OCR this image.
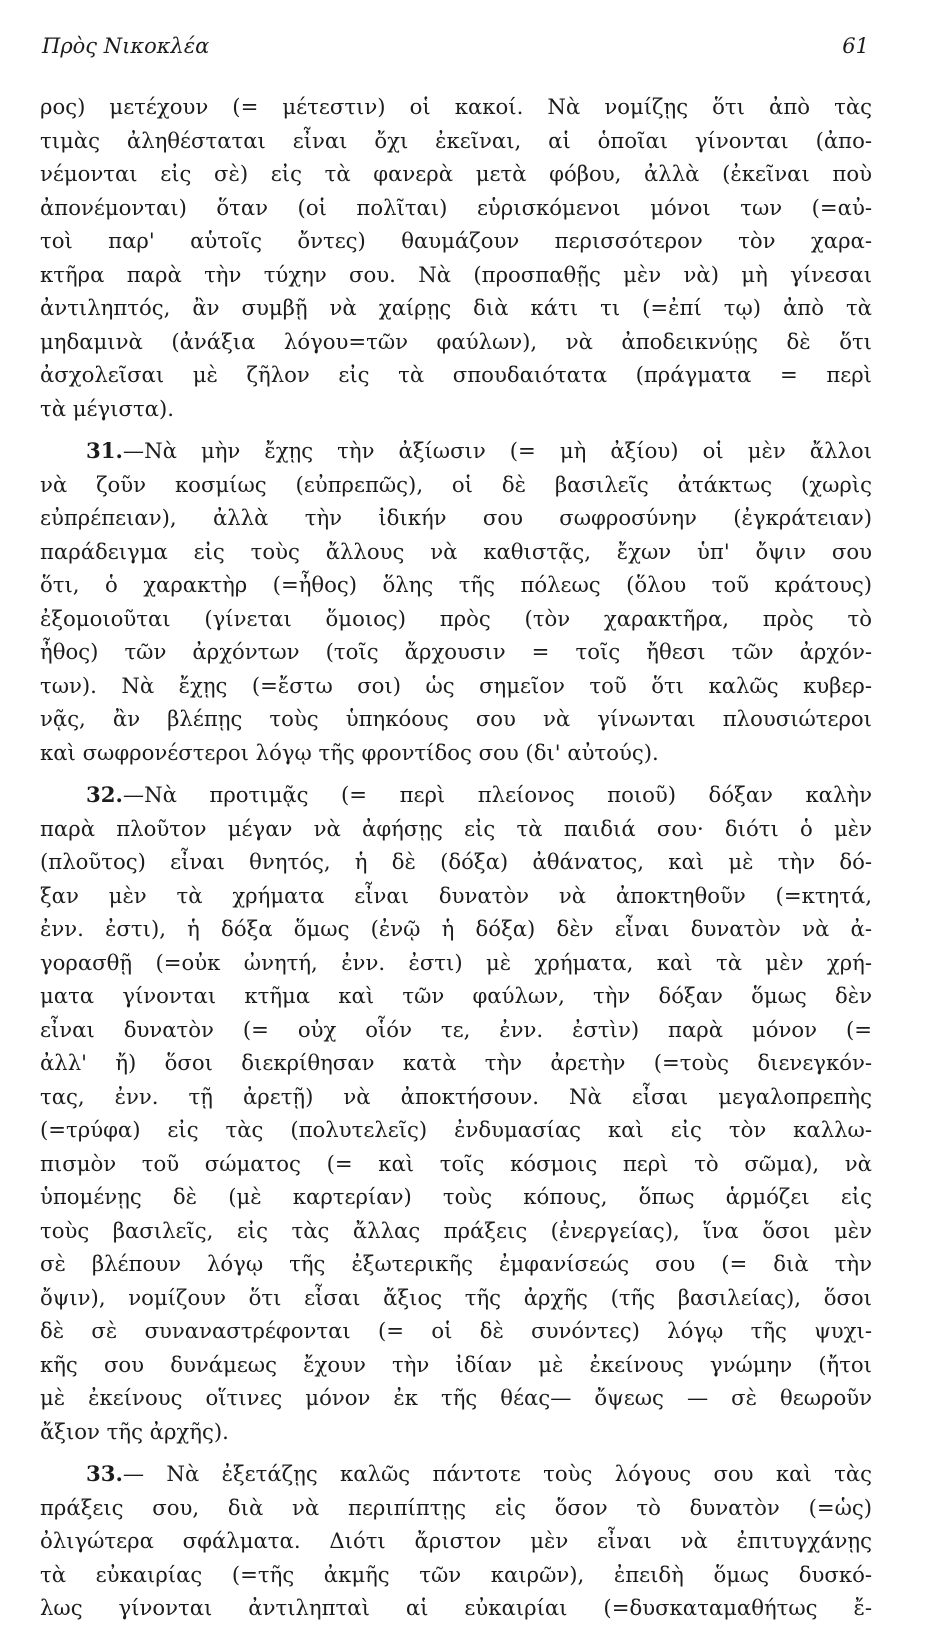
Πρὸς Νικοκλέα	61
ρος) μετέχουν (= μέτεστιν) οἱ κακοί. Νὰ νομίζῃς ὅτι ἀπὸ τὰς
τιμὰς ἀληθέσταται εἶναι ὄχι ἐκεῖναι, αἱ ὁποῖαι γίνονται (ἀπο-
νέμονται εἰς σὲ) εἰς τὰ φανερὰ μετὰ φόβου, ἀλλὰ (ἐκεῖναι ποὺ
ἀπονέμονται) ὅταν (οἱ πολῖται) εὑρισκόμενοι μόνοι των (=αὐ-
τοὶ παρ' αὑτοῖς ὄντες) θαυμάζουν περισσότερον τὸν χαρα-
κτῆρα παρὰ τὴν τύχην σου. Νὰ (προσπαθῇς μὲν νὰ) μὴ γίνεσαι
ἀντιληπτός, ἂν συμβῇ νὰ χαίρῃς διὰ κάτι τι (=ἐπί τῳ) ἀπὸ τὰ
μηδαμινὰ (ἀνάξια λόγου=τῶν φαύλων), νὰ ἀποδεικνύῃς δὲ ὅτι
ἀσχολεῖσαι μὲ ζῆλον εἰς τὰ σπουδαιότατα (πράγματα = περὶ
τὰ μέγιστα).
31.—Νὰ μὴν ἔχῃς τὴν ἀξίωσιν (= μὴ ἀξίου) οἱ μὲν ἄλλοι
νὰ ζοῦν κοσμίως (εὐπρεπῶς), οἱ δὲ βασιλεῖς ἀτάκτως (χωρὶς
εὐπρέπειαν), ἀλλὰ τὴν ἰδικήν σου σωφροσύνην (ἐγκράτειαν)
παράδειγμα εἰς τοὺς ἄλλους νὰ καθιστᾷς, ἔχων ὑπ' ὄψιν σου
ὅτι, ὁ χαρακτὴρ (=ἦθος) ὅλης τῆς πόλεως (ὅλου τοῦ κράτους)
ἐξομοιοῦται (γίνεται ὅμοιος) πρὸς (τὸν χαρακτῆρα, πρὸς τὸ
ἦθος) τῶν ἀρχόντων (τοῖς ἄρχουσιν = τοῖς ἤθεσι τῶν ἀρχόν-
των). Νὰ ἔχῃς (=ἔστω σοι) ὡς σημεῖον τοῦ ὅτι καλῶς κυβερ-
νᾷς, ἂν βλέπῃς τοὺς ὑπηκόους σου νὰ γίνωνται πλουσιώτεροι
καὶ σωφρονέστεροι λόγῳ τῆς φροντίδος σου (δι' αὐτούς).
32.—Νὰ προτιμᾷς (= περὶ πλείονος ποιοῦ) δόξαν καλὴν
παρὰ πλοῦτον μέγαν νὰ ἀφήσῃς εἰς τὰ παιδιά σου· διότι ὁ μὲν
(πλοῦτος) εἶναι θνητός, ἡ δὲ (δόξα) ἀθάνατος, καὶ μὲ τὴν δό-
ξαν μὲν τὰ χρήματα εἶναι δυνατὸν νὰ ἀποκτηθοῦν (=κτητά,
ἐνν. ἐστι), ἡ δόξα ὅμως (ἐνῷ ἡ δόξα) δὲν εἶναι δυνατὸν νὰ ἀ-
γορασθῇ (=οὐκ ὠνητή, ἐνν. ἐστι) μὲ χρήματα, καὶ τὰ μὲν χρή-
ματα γίνονται κτῆμα καὶ τῶν φαύλων, τὴν δόξαν ὅμως δὲν
εἶναι δυνατὸν (= οὐχ οἷόν τε, ἐνν. ἐστὶν) παρὰ μόνον (=
ἀλλ' ἤ) ὅσοι διεκρίθησαν κατὰ τὴν ἀρετὴν (=τοὺς διενεγκόν-
τας, ἐνν. τῇ ἀρετῇ) νὰ ἀποκτήσουν. Νὰ εἶσαι μεγαλοπρεπὴς
(=τρύφα) εἰς τὰς (πολυτελεῖς) ἐνδυμασίας καὶ εἰς τὸν καλλω-
πισμὸν τοῦ σώματος (= καὶ τοῖς κόσμοις περὶ τὸ σῶμα), νὰ
ὑπομένῃς δὲ (μὲ καρτερίαν) τοὺς κόπους, ὅπως ἁρμόζει εἰς
τοὺς βασιλεῖς, εἰς τὰς ἄλλας πράξεις (ἐνεργείας), ἵνα ὅσοι μὲν
σὲ βλέπουν λόγῳ τῆς ἐξωτερικῆς ἐμφανίσεώς σου (= διὰ τὴν
ὄψιν), νομίζουν ὅτι εἶσαι ἄξιος τῆς ἀρχῆς (τῆς βασιλείας), ὅσοι
δὲ σὲ συναναστρέφονται (= οἱ δὲ συνόντες) λόγῳ τῆς ψυχι-
κῆς σου δυνάμεως ἔχουν τὴν ἰδίαν μὲ ἐκείνους γνώμην (ἤτοι
μὲ ἐκείνους οἵτινες μόνον ἐκ τῆς θέας— ὄψεως — σὲ θεωροῦν
ἄξιον τῆς ἀρχῆς).
33.— Νὰ ἐξετάζῃς καλῶς πάντοτε τοὺς λόγους σου καὶ τὰς
πράξεις σου, διὰ νὰ περιπίπτῃς εἰς ὅσον τὸ δυνατὸν (=ὡς)
ὀλιγώτερα σφάλματα. Διότι ἄριστον μὲν εἶναι νὰ ἐπιτυγχάνῃς
τὰ εὐκαιρίας (=τῆς ἀκμῆς τῶν καιρῶν), ἐπειδὴ ὅμως δυσκό-
λως γίνονται ἀντιληπταὶ αἱ εὐκαιρίαι (=δυσκαταμαθήτως ἔ-
